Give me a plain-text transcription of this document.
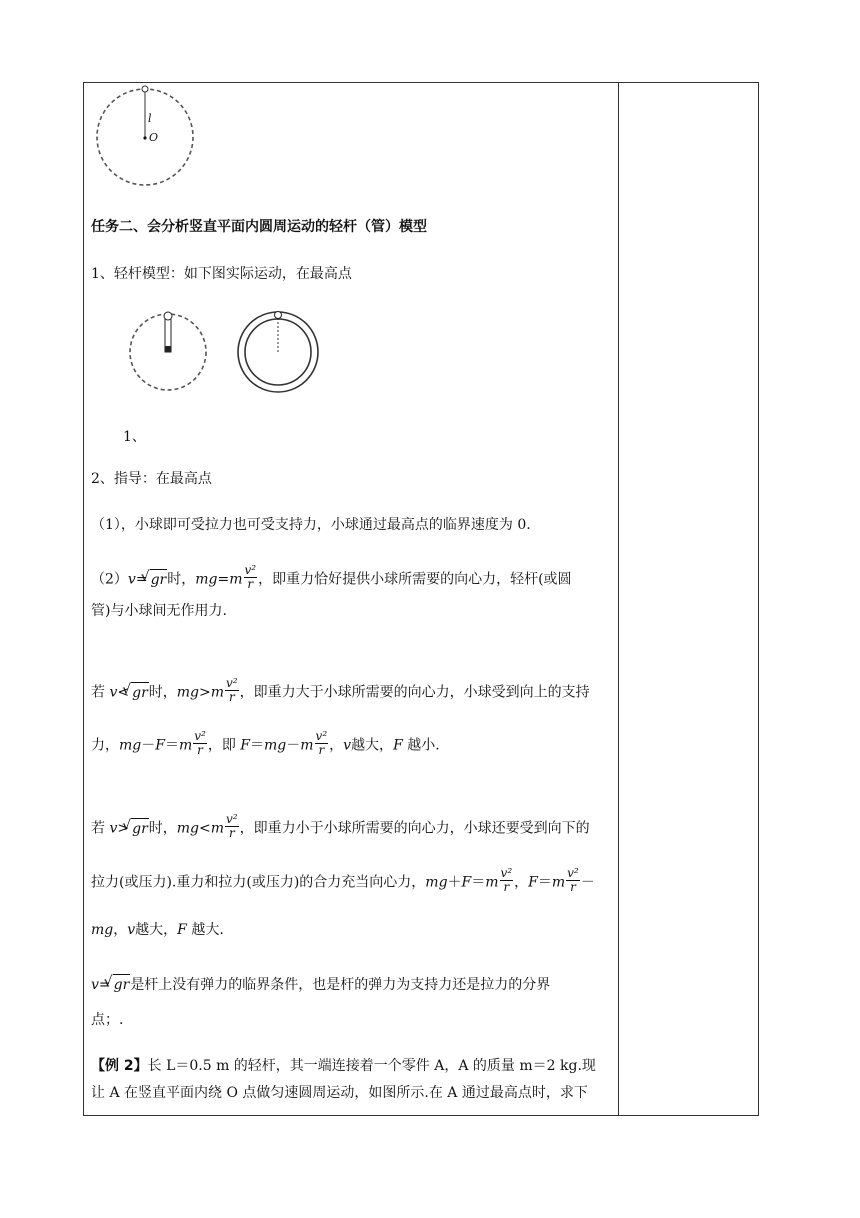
l
O
任务二、会分析竖直平面内圆周运动的轻杆（管）模型
1、轻杆模型：如下图实际运动，在最高点
1、
2、指导：在最高点
（1），小球即可受拉力也可受支持力，小球通过最高点的临界速度为 0.
（2）v= √ gr时，$mg=m \frac{\text{v²}}{r}$ ，即重力恰好提供小球所需要的向心力，轻杆(或圆
管)与小球间无作用力.
若 v< √ gr时，$mg>m \frac{\text{v²}}{r}$ ，即重力大于小球所需要的向心力，小球受到向上的支持
力，$mg-F=m \frac{\text{v²}}{r}$ ，即 $F=mg-m \frac{\text{v²}}{r}$ ，v越大，F 越小.
若 v> √ gr时，$mg<m \frac{\text{v²}}{r}$ ，即重力小于小球所需要的向心力，小球还要受到向下的
拉力(或压力).重力和拉力(或压力)的合力充当向心力，$mg+F=m \frac{\text{v²}}{r}$ ，$F=m \frac{\text{v²}}{r}$ －
mg，v越大，F 越大.
v= √ gr是杆上没有弹力的临界条件，也是杆的弹力为支持力还是拉力的分界
点；.
【例 2】长 L＝0.5 m 的轻杆，其一端连接着一个零件 A，A 的质量 m＝2 kg.现
让 A 在竖直平面内绕 O 点做匀速圆周运动，如图所示.在 A 通过最高点时，求下
